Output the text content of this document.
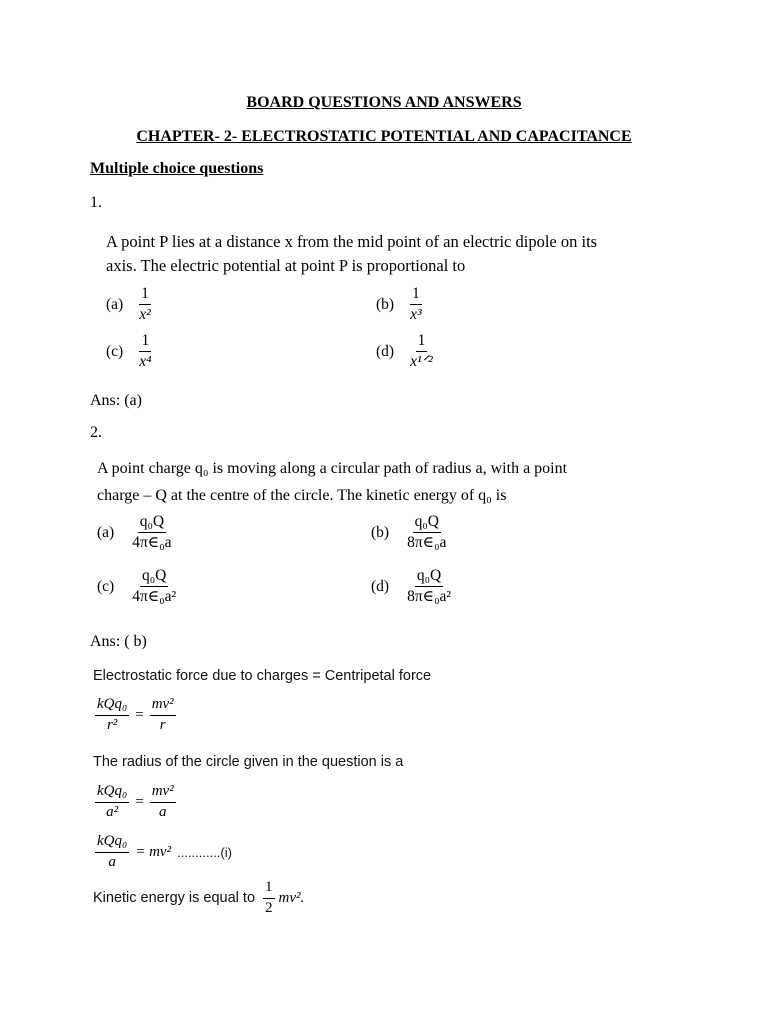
BOARD QUESTIONS AND ANSWERS
CHAPTER- 2- ELECTROSTATIC POTENTIAL AND CAPACITANCE
Multiple choice questions
1.
A point P lies at a distance x from the mid point of an electric dipole on its
axis. The electric potential at point P is proportional to
$(a) \frac{1}{\text{x²}}$	$(b) \frac{1}{\text{x³}}$
$(c) \frac{1}{\text{x⁴}}$	$(d) \frac{1}{\text{x¹ᐟ²}}$
Ans: (a)
2.
A point charge q₀ is moving along a circular path of radius a, with a point
charge – Q at the centre of the circle. The kinetic energy of q₀ is
$(a) \frac{\text{q₀Q}}{\text{4π∈₀a}}$	$(b) \frac{\text{q₀Q}}{\text{8π∈₀a}}$
$(c) \frac{\text{q₀Q}}{\text{4π∈₀a²}}$	$(d) \frac{\text{q₀Q}}{\text{8π∈₀a²}}$
Ans: ( b)
Electrostatic force due to charges = Centripetal force
$\frac{\text{kQq₀}}{\text{r²}} = \frac{\text{mv²}}{r}$
The radius of the circle given in the question is a
$\frac{\text{kQq₀}}{\text{a²}} = \frac{\text{mv²}}{a}$
$\frac{\text{kQq₀}}{a} = mv^2$ ............(i)
Kinetic energy is equal to $\frac{1}{2} mv^2$.
